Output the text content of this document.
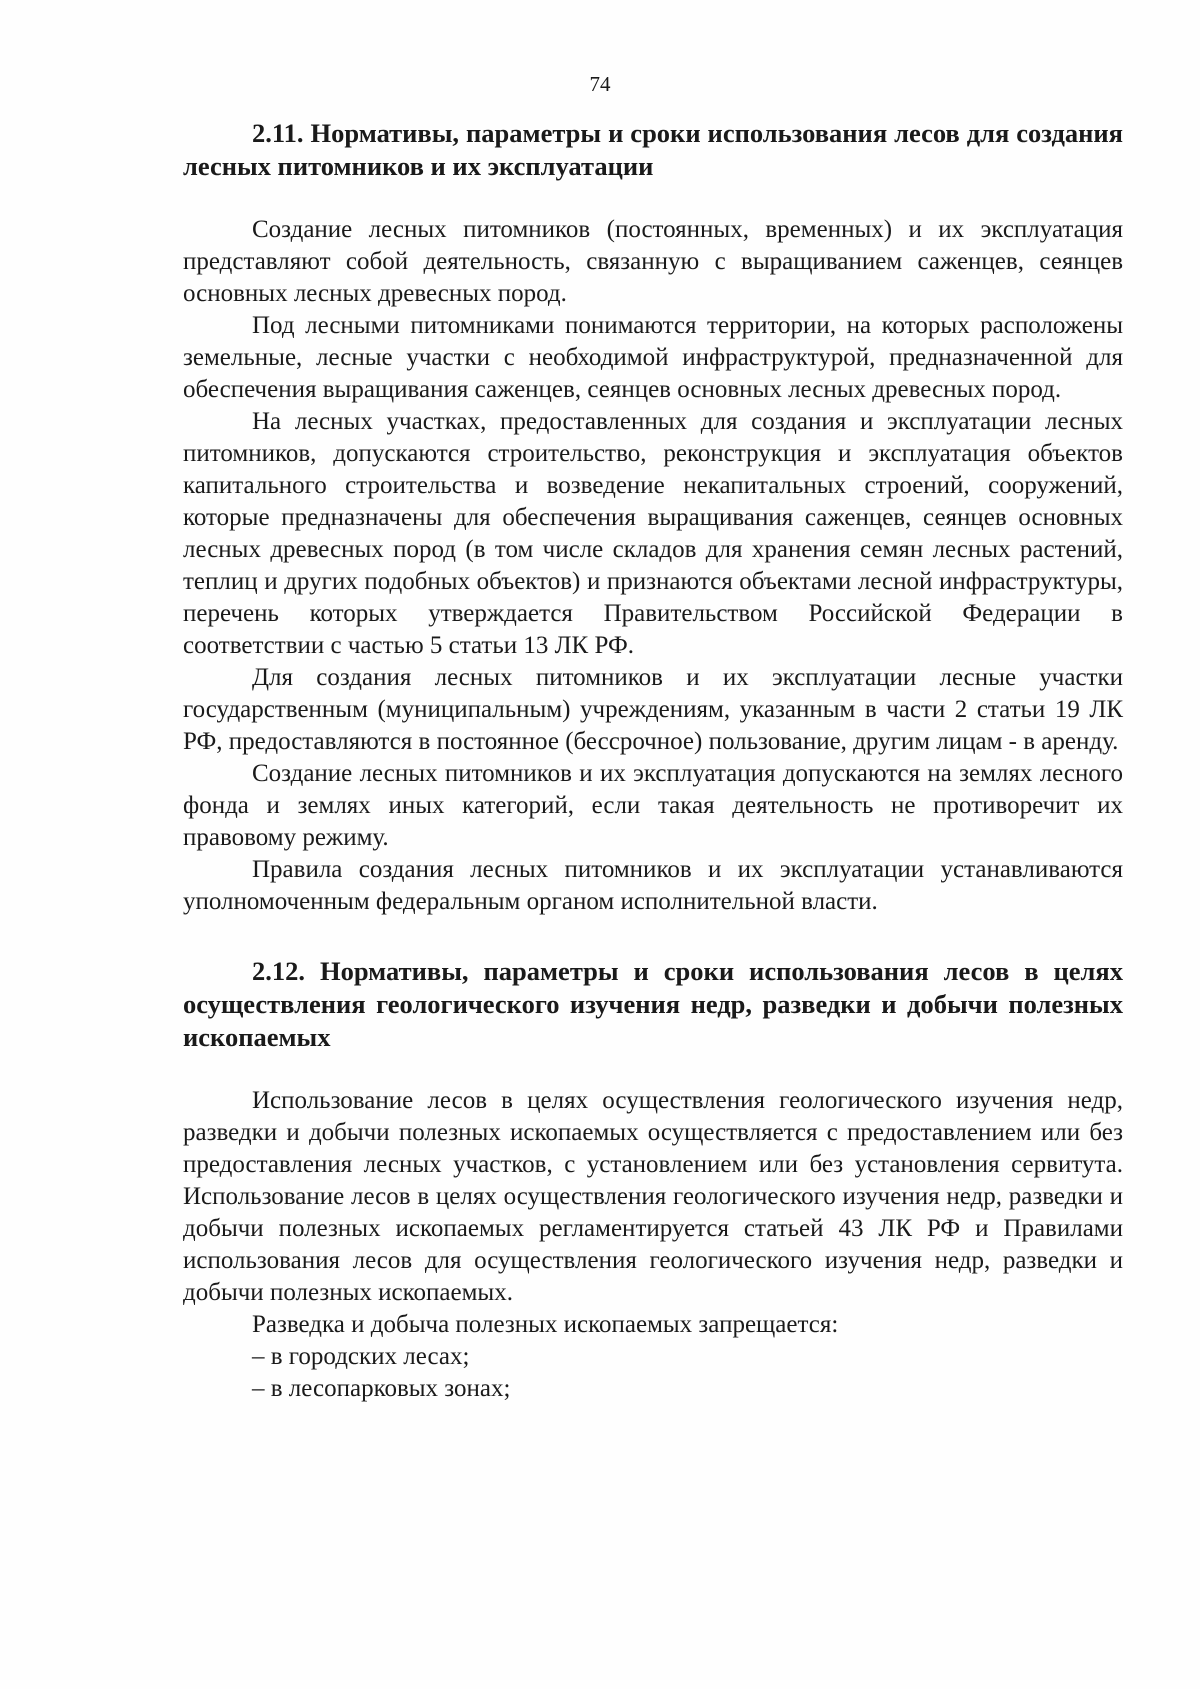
74
2.11. Нормативы, параметры и сроки использования лесов для создания лесных питомников и их эксплуатации

Создание лесных питомников (постоянных, временных) и их эксплуатация представляют собой деятельность, связанную с выращиванием саженцев, сеянцев основных лесных древесных пород.

Под лесными питомниками понимаются территории, на которых расположены земельные, лесные участки с необходимой инфраструктурой, предназначенной для обеспечения выращивания саженцев, сеянцев основных лесных древесных пород.

На лесных участках, предоставленных для создания и эксплуатации лесных питомников, допускаются строительство, реконструкция и эксплуатация объектов капитального строительства и возведение некапитальных строений, сооружений, которые предназначены для обеспечения выращивания саженцев, сеянцев основных лесных древесных пород (в том числе складов для хранения семян лесных растений, теплиц и других подобных объектов) и признаются объектами лесной инфраструктуры, перечень которых утверждается Правительством Российской Федерации в соответствии с частью 5 статьи 13 ЛК РФ.

Для создания лесных питомников и их эксплуатации лесные участки государственным (муниципальным) учреждениям, указанным в части 2 статьи 19 ЛК РФ, предоставляются в постоянное (бессрочное) пользование, другим лицам - в аренду.

Создание лесных питомников и их эксплуатация допускаются на землях лесного фонда и землях иных категорий, если такая деятельность не противоречит их правовому режиму.

Правила создания лесных питомников и их эксплуатации устанавливаются уполномоченным федеральным органом исполнительной власти.

2.12. Нормативы, параметры и сроки использования лесов в целях осуществления геологического изучения недр, разведки и добычи полезных ископаемых

Использование лесов в целях осуществления геологического изучения недр, разведки и добычи полезных ископаемых осуществляется с предоставлением или без предоставления лесных участков, с установлением или без установления сервитута. Использование лесов в целях осуществления геологического изучения недр, разведки и добычи полезных ископаемых регламентируется статьей 43 ЛК РФ и Правилами использования лесов для осуществления геологического изучения недр, разведки и добычи полезных ископаемых.

Разведка и добыча полезных ископаемых запрещается:

– в городских лесах;

– в лесопарковых зонах;
